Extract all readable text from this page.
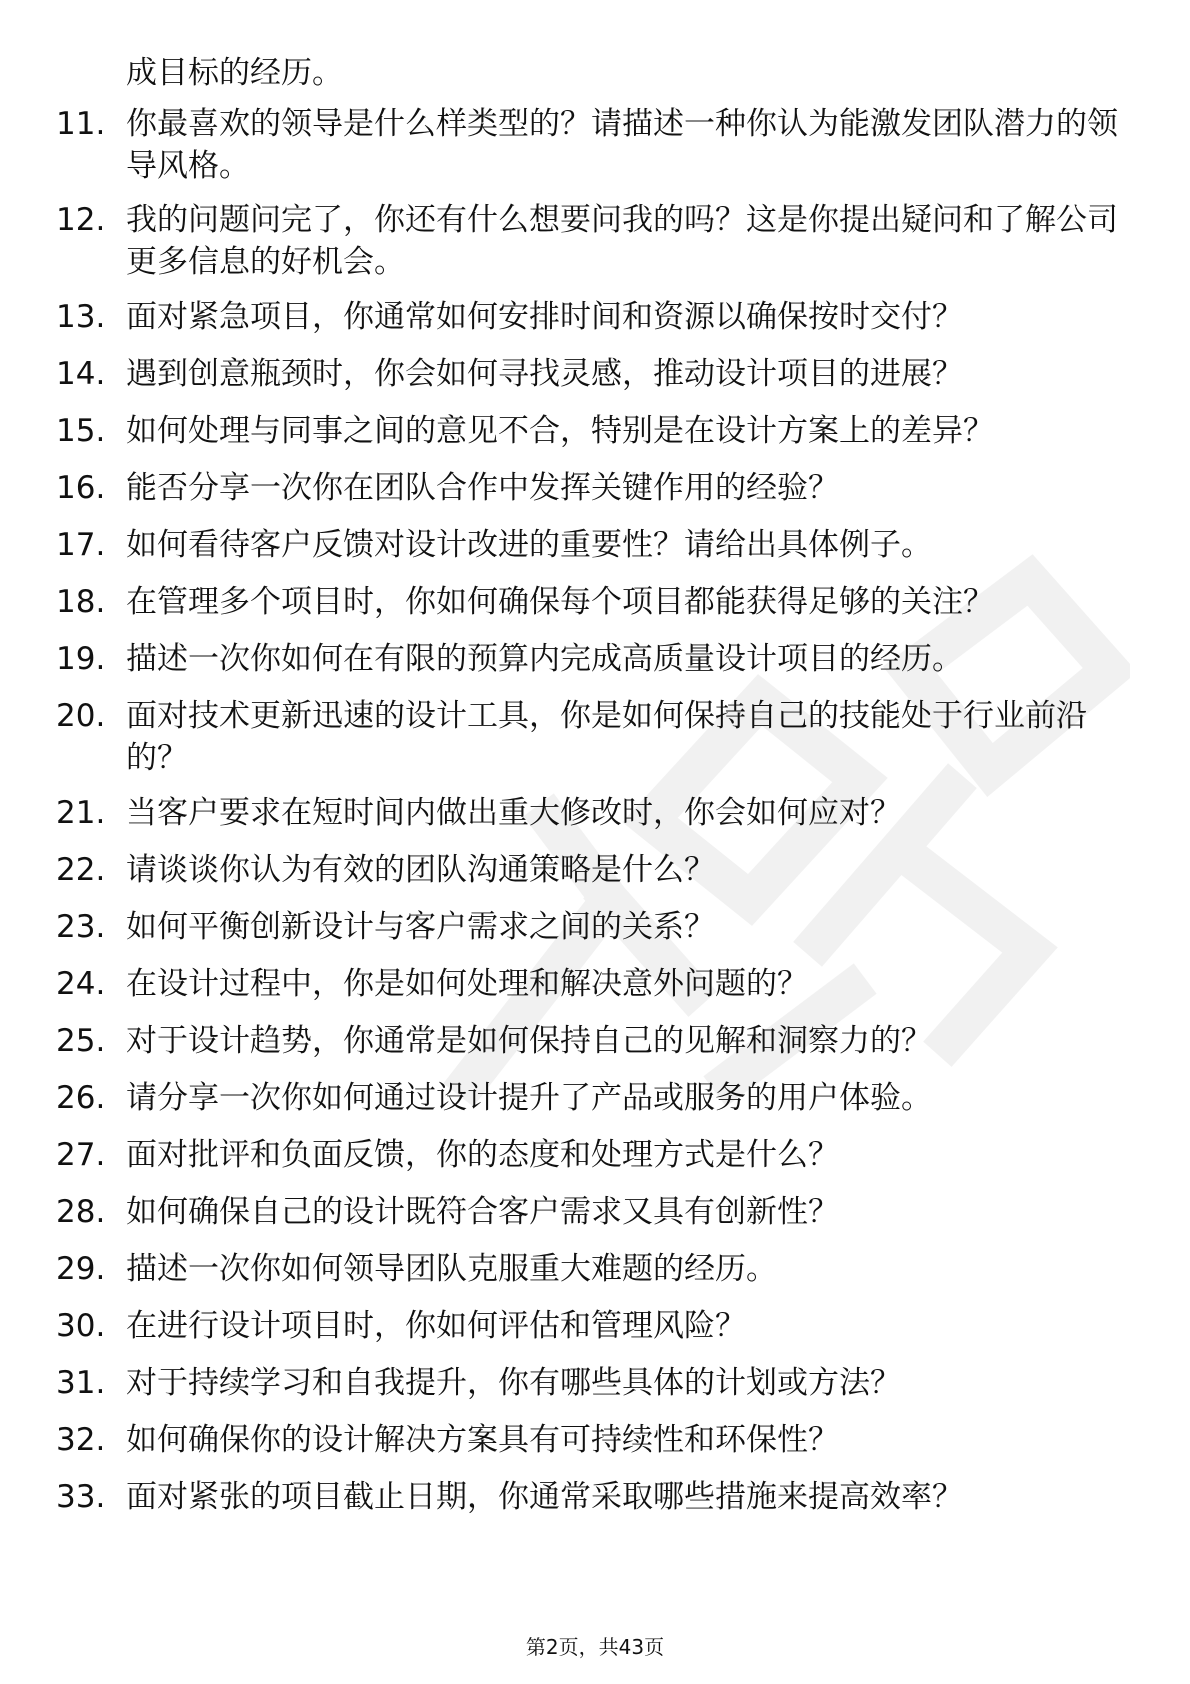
成目标的经历。
11. 你最喜欢的领导是什么样类型的？请描述一种你认为能激发团队潜力的领导风格。
12. 我的问题问完了，你还有什么想要问我的吗？这是你提出疑问和了解公司更多信息的好机会。
13. 面对紧急项目，你通常如何安排时间和资源以确保按时交付？
14. 遇到创意瓶颈时，你会如何寻找灵感，推动设计项目的进展？
15. 如何处理与同事之间的意见不合，特别是在设计方案上的差异？
16. 能否分享一次你在团队合作中发挥关键作用的经验？
17. 如何看待客户反馈对设计改进的重要性？请给出具体例子。
18. 在管理多个项目时，你如何确保每个项目都能获得足够的关注？
19. 描述一次你如何在有限的预算内完成高质量设计项目的经历。
20. 面对技术更新迅速的设计工具，你是如何保持自己的技能处于行业前沿的？
21. 当客户要求在短时间内做出重大修改时，你会如何应对？
22. 请谈谈你认为有效的团队沟通策略是什么？
23. 如何平衡创新设计与客户需求之间的关系？
24. 在设计过程中，你是如何处理和解决意外问题的？
25. 对于设计趋势，你通常是如何保持自己的见解和洞察力的？
26. 请分享一次你如何通过设计提升了产品或服务的用户体验。
27. 面对批评和负面反馈，你的态度和处理方式是什么？
28. 如何确保自己的设计既符合客户需求又具有创新性？
29. 描述一次你如何领导团队克服重大难题的经历。
30. 在进行设计项目时，你如何评估和管理风险？
31. 对于持续学习和自我提升，你有哪些具体的计划或方法？
32. 如何确保你的设计解决方案具有可持续性和环保性？
33. 面对紧张的项目截止日期，你通常采取哪些措施来提高效率？
第2页，共43页
